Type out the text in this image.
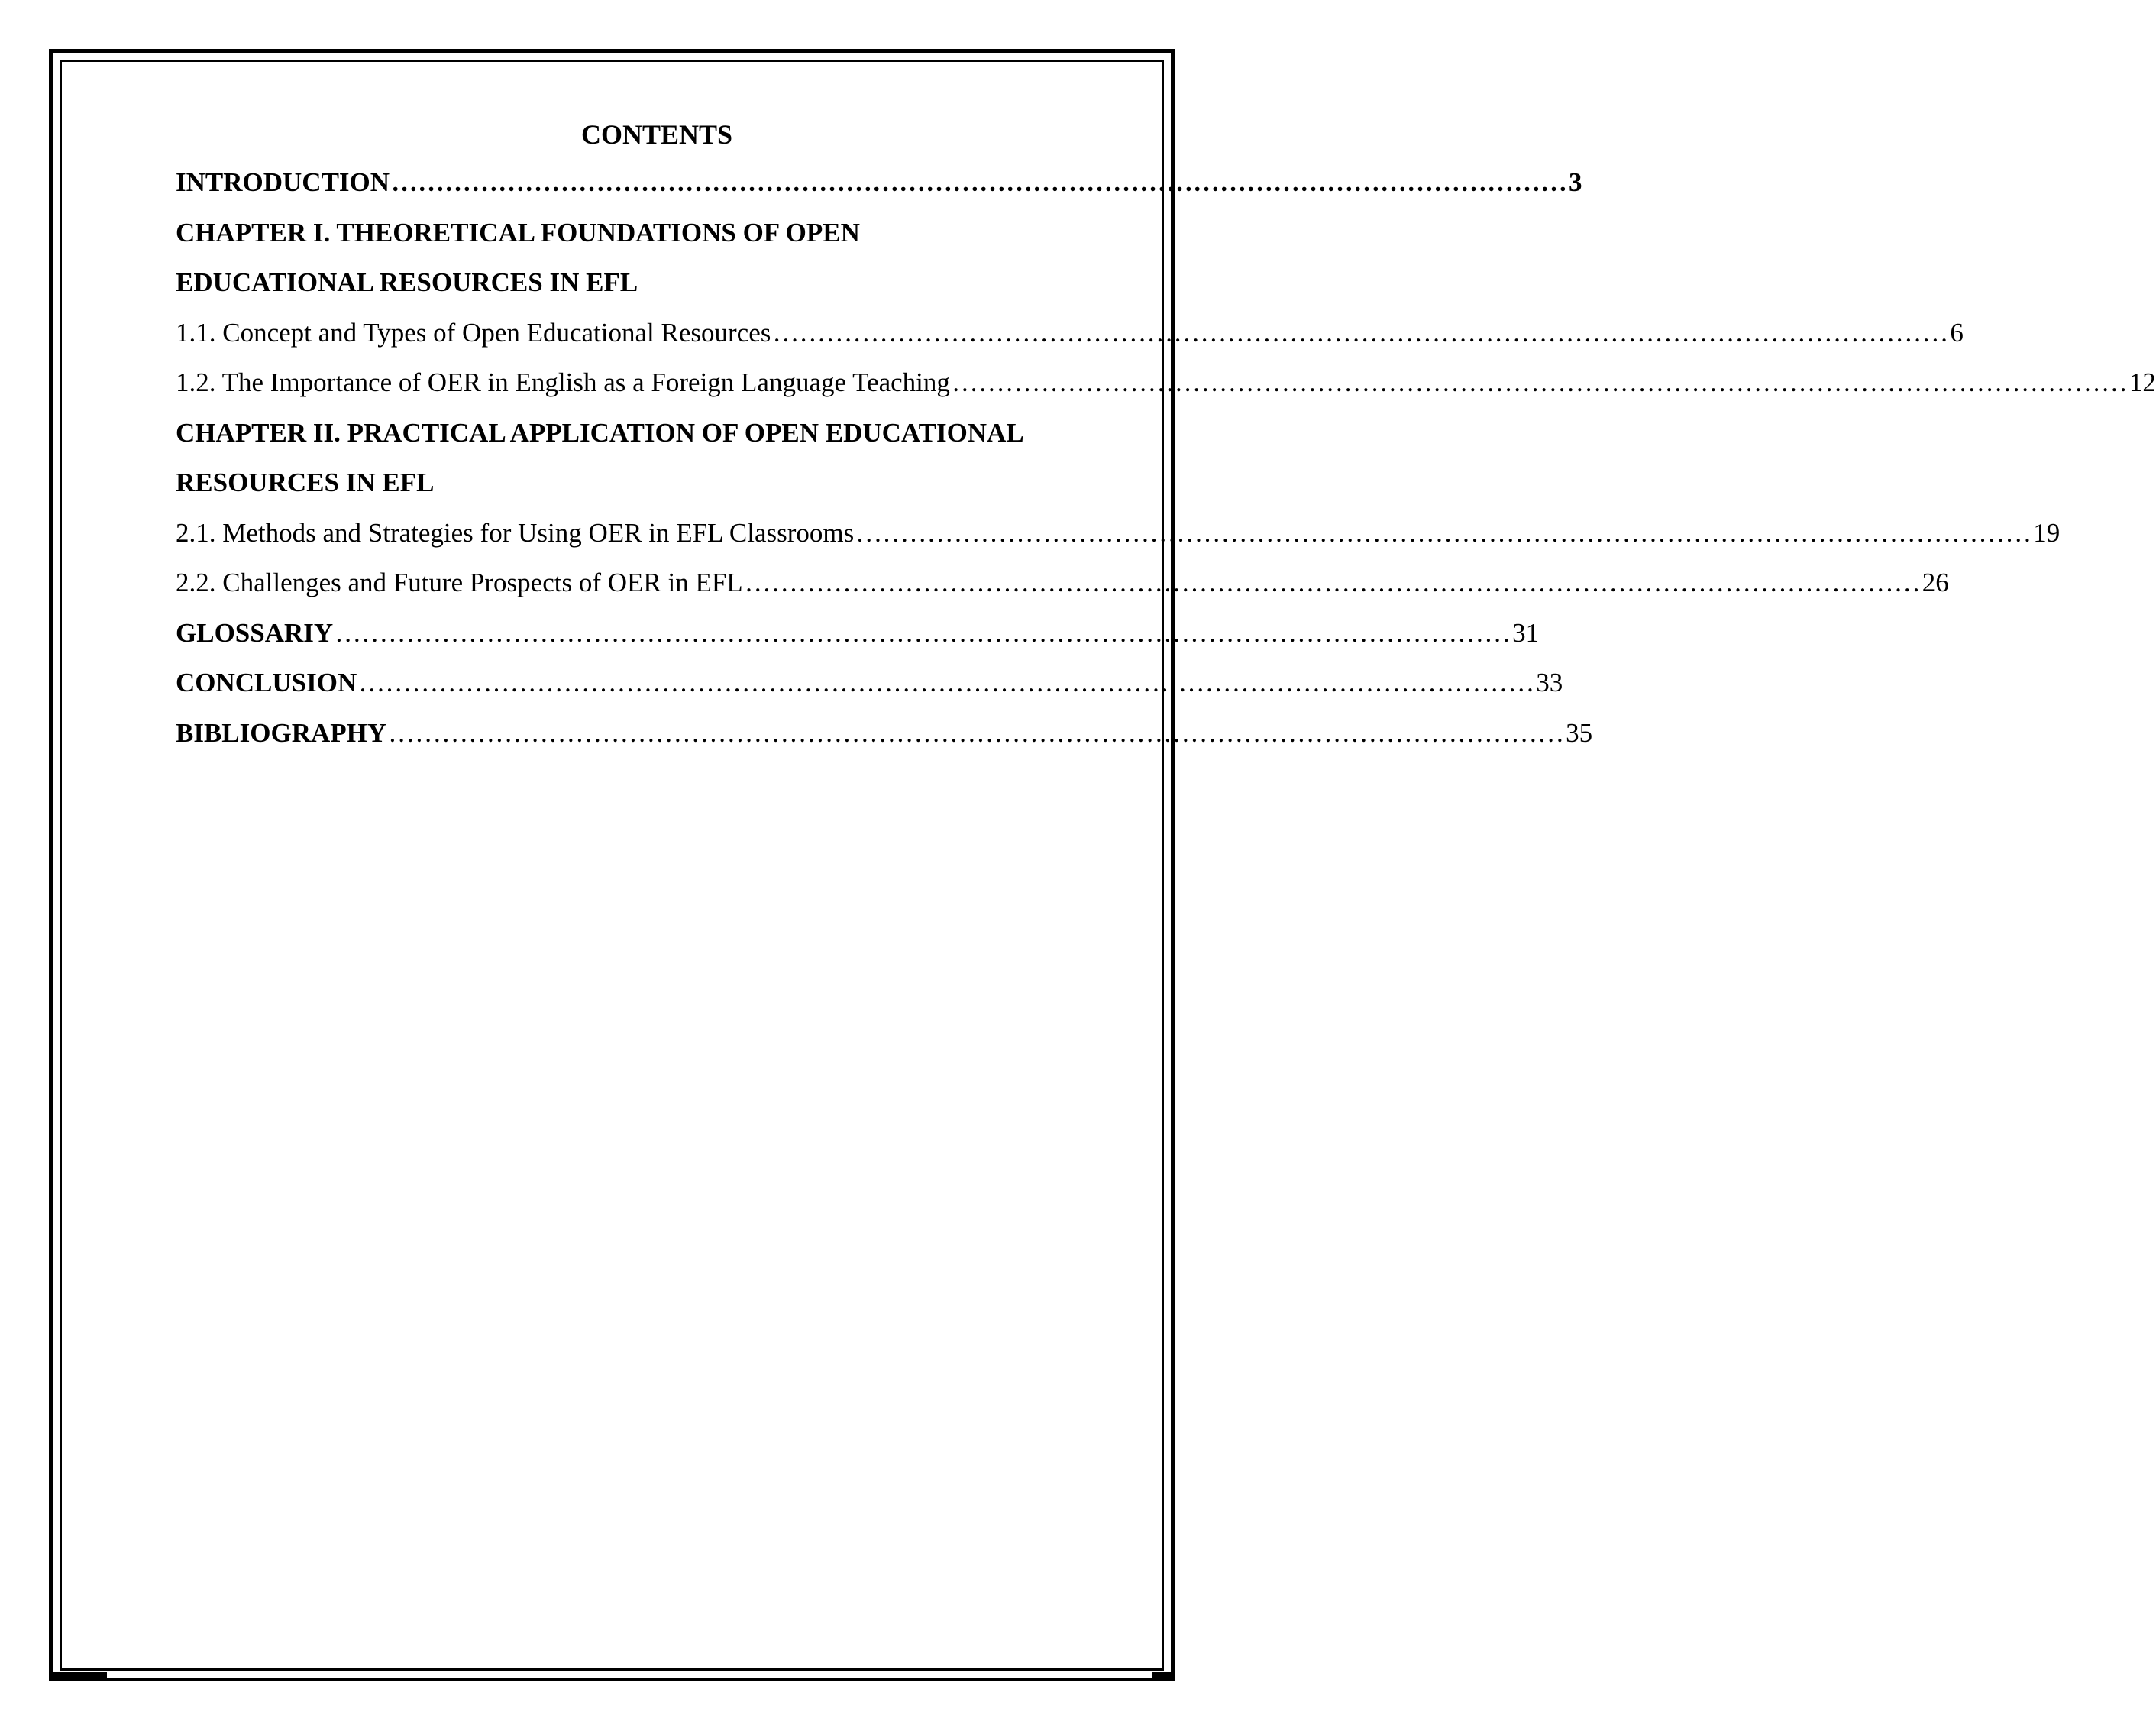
CONTENTS
INTRODUCTION …………………………………………………………………………………………………………………… 3
CHAPTER I. THEORETICAL FOUNDATIONS OF OPEN
EDUCATIONAL RESOURCES IN EFL
1.1. Concept and Types of Open Educational Resources …………………………………………………………………………………………………………………… 6
1.2. The Importance of OER in English as a Foreign Language Teaching …………………………………………………………………………………………………………………… 12
CHAPTER II. PRACTICAL APPLICATION OF OPEN EDUCATIONAL
RESOURCES IN EFL
2.1. Methods and Strategies for Using OER in EFL Classrooms …………………………………………………………………………………………………………………… 19
2.2. Challenges and Future Prospects of OER in EFL …………………………………………………………………………………………………………………… 26
GLOSSARIY …………………………………………………………………………………………………………………… 31
CONCLUSION …………………………………………………………………………………………………………………… 33
BIBLIOGRAPHY …………………………………………………………………………………………………………………… 35
